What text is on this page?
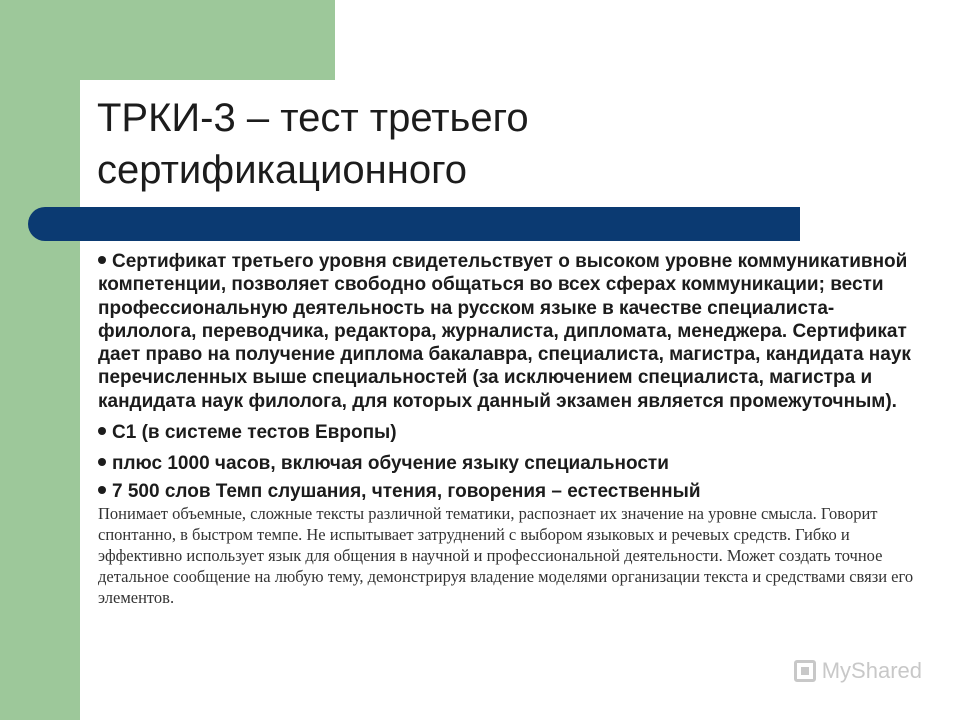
ТРКИ-3 – тест третьего сертификационного

Сертификат третьего уровня свидетельствует о высоком уровне коммуникативной компетенции, позволяет свободно общаться во всех сферах коммуникации; вести профессиональную деятельность на русском языке в качестве специалиста-филолога, переводчика, редактора, журналиста, дипломата, менеджера. Сертификат дает право на получение диплома бакалавра, специалиста, магистра, кандидата наук перечисленных выше специальностей (за исключением специалиста, магистра и кандидата наук филолога, для которых данный экзамен является промежуточным).

С1 (в системе тестов Европы)

плюс 1000 часов, включая обучение языку специальности

7 500 слов Темп слушания, чтения, говорения – естественный

Понимает объемные, сложные тексты различной тематики, распознает их значение на уровне смысла. Говорит спонтанно, в быстром темпе. Не испытывает затруднений с выбором языковых и речевых средств. Гибко и эффективно использует язык для общения в научной и профессиональной деятельности. Может создать точное детальное сообщение на любую тему, демонстрируя владение моделями организации текста и средствами связи его элементов.

MyShared
